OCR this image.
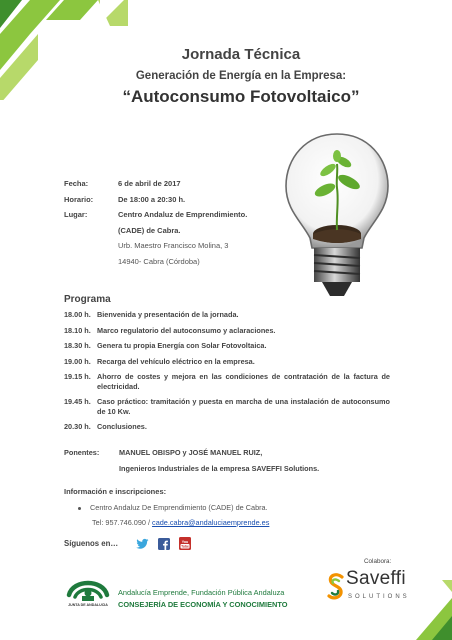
Jornada Técnica
Generación de Energía en la Empresa:
“Autoconsumo Fotovoltaico”
Fecha:	6 de abril de 2017
Horario:	De 18:00 a 20:30 h.
Lugar:	Centro Andaluz de Emprendimiento.
(CADE) de Cabra.
Urb. Maestro Francisco Molina, 3
14940- Cabra (Córdoba)
Programa
18.00 h. Bienvenida y presentación de la jornada.
18.10 h. Marco regulatorio del autoconsumo y aclaraciones.
18.30 h. Genera tu propia Energía con Solar Fotovoltaica.
19.00 h. Recarga del vehículo eléctrico en la empresa.
19.15 h. Ahorro de costes y mejora en las condiciones de contratación de la factura de electricidad.
19.45 h. Caso práctico: tramitación y puesta en marcha de una instalación de autoconsumo de 10 Kw.
20.30 h. Conclusiones.
Ponentes:	MANUEL OBISPO y JOSÉ MANUEL RUIZ,
Ingenieros Industriales de la empresa SAVEFFI Solutions.
Información e inscripciones:
Centro Andaluz De Emprendimiento (CADE) de Cabra.
Tel: 957.746.090 / cade.cabra@andaluciaemprende.es
Síguenos en…	You
Tube
Colabora:
JUNTA DE ANDALUCIA
Andalucía Emprende, Fundación Pública Andaluza
CONSEJERÍA DE ECONOMÍA Y CONOCIMIENTO
Saveffi
SOLUTIONS
